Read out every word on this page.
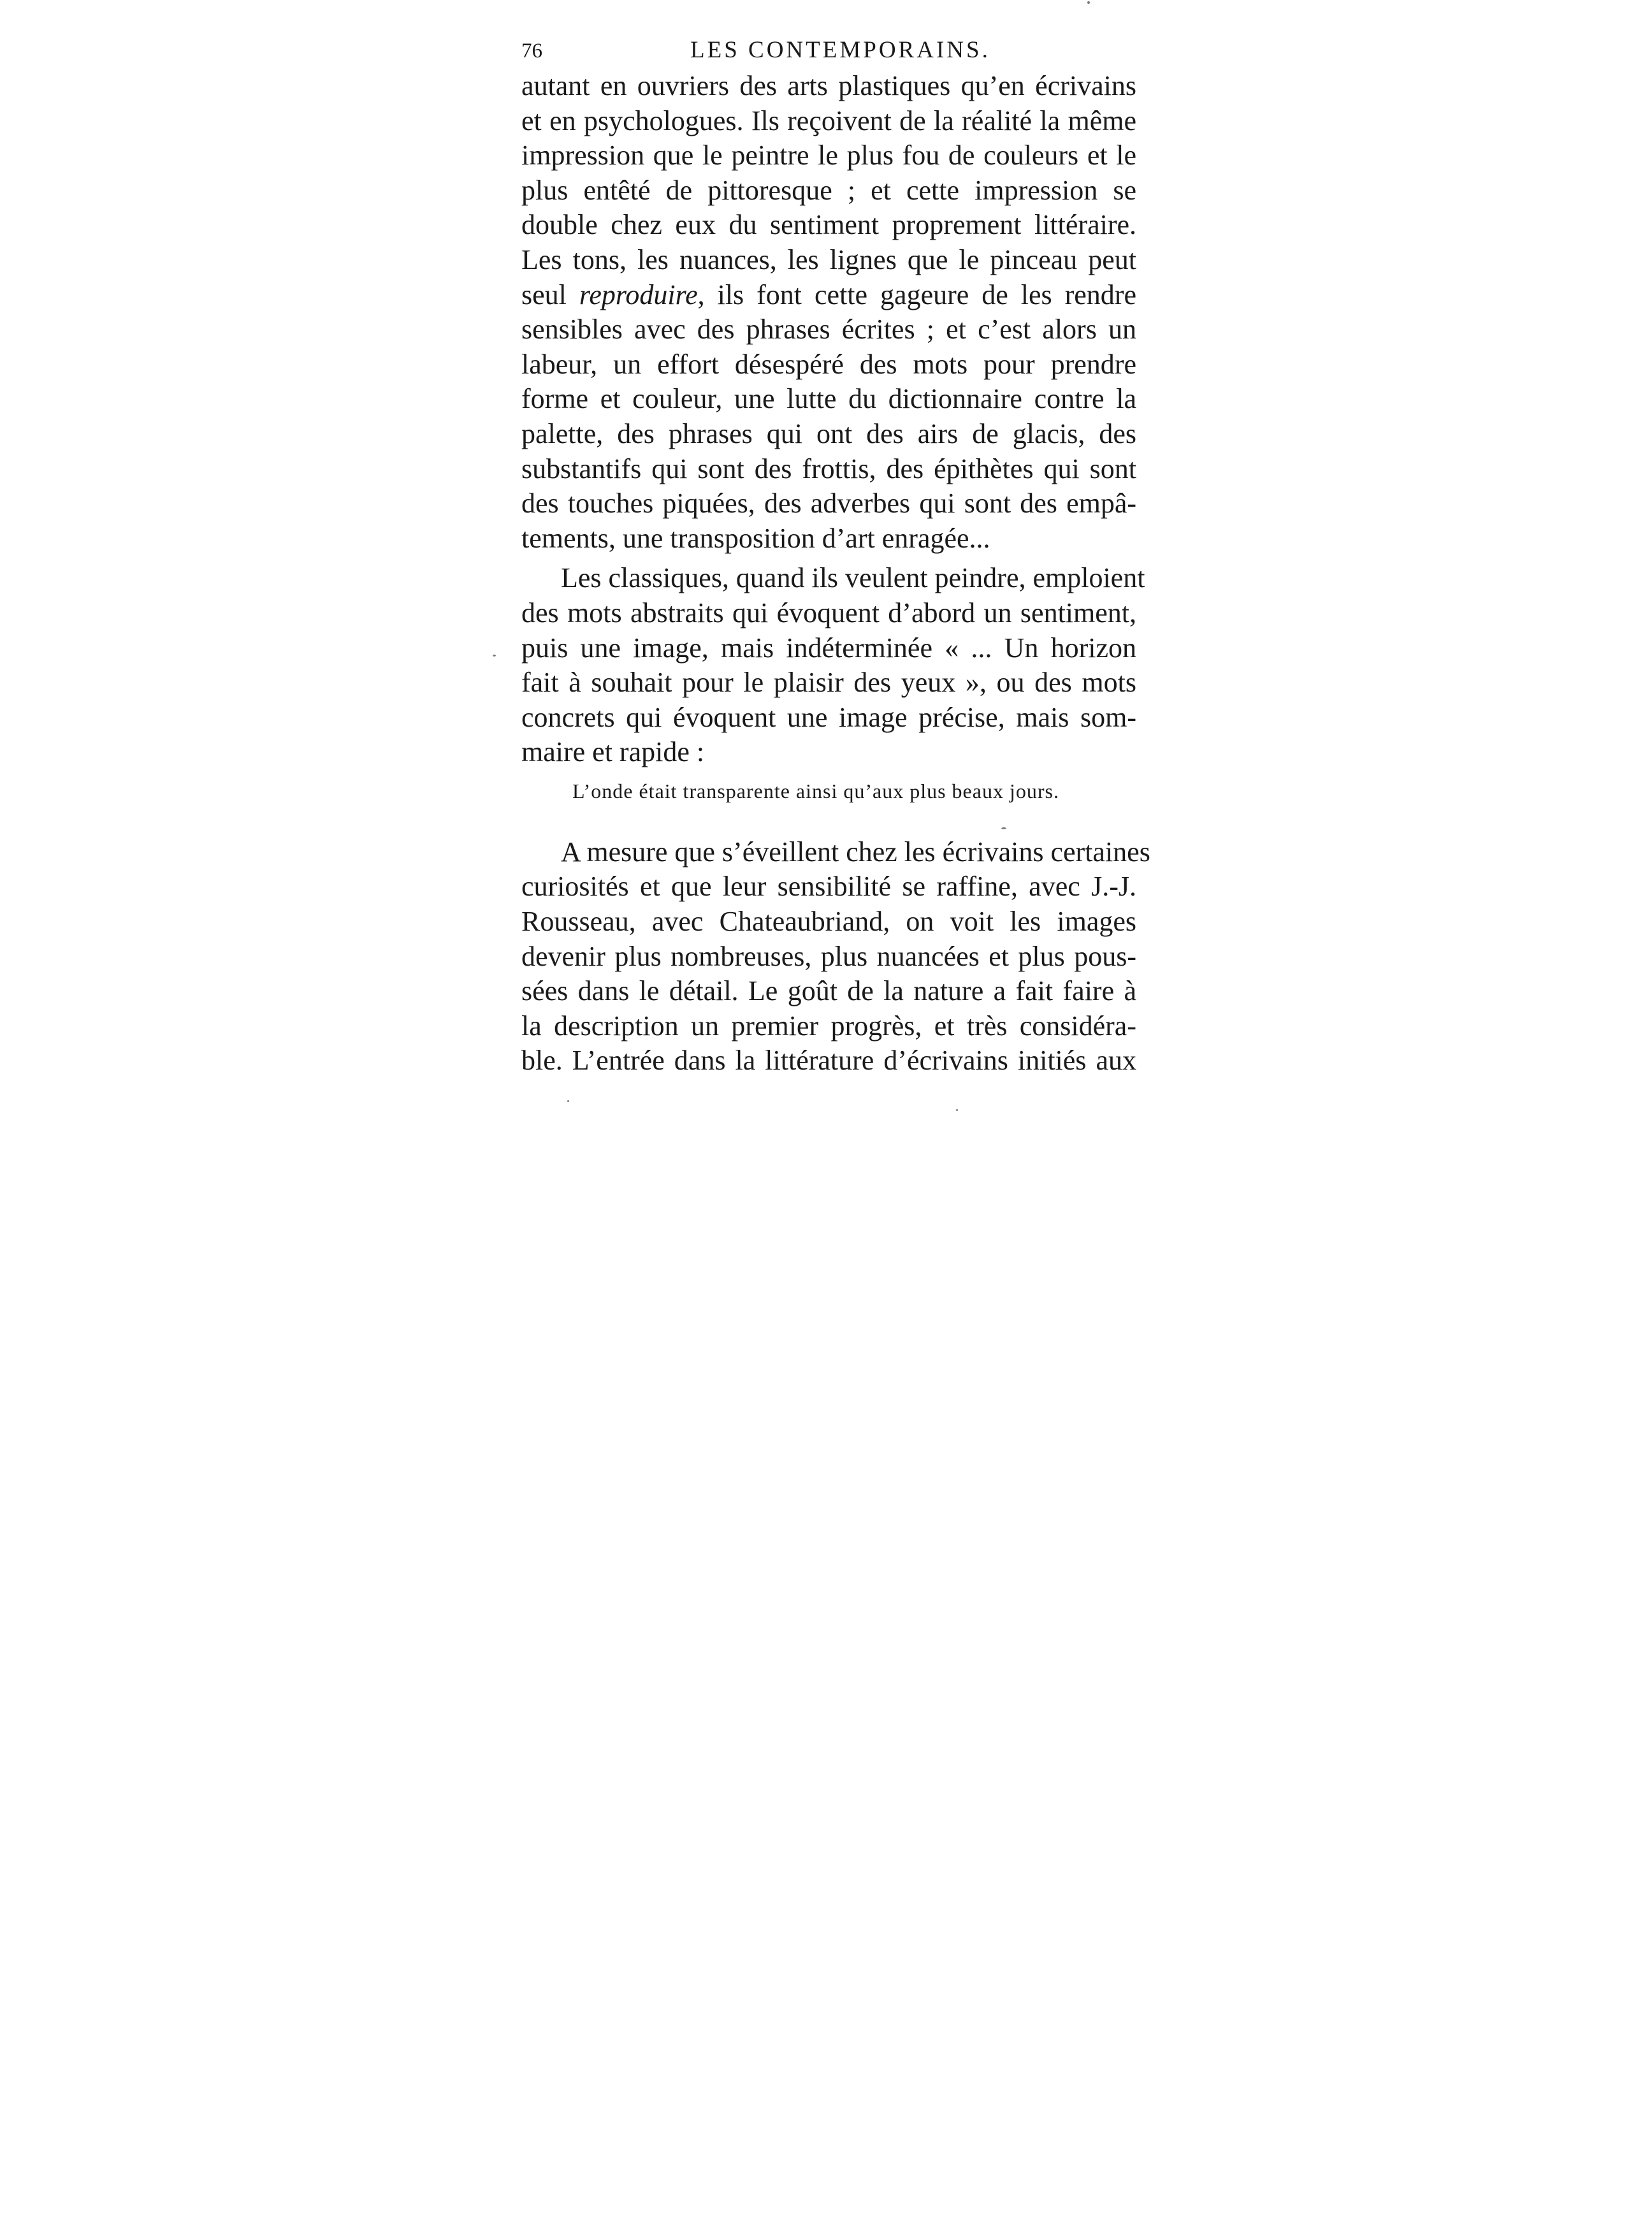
76	LES CONTEMPORAINS.

autant en ouvriers des arts plastiques qu’en écrivains
et en psychologues. Ils reçoivent de la réalité la même
impression que le peintre le plus fou de couleurs et le
plus entêté de pittoresque ; et cette impression se
double chez eux du sentiment proprement littéraire.
Les tons, les nuances, les lignes que le pinceau peut
seul reproduire, ils font cette gageure de les rendre
sensibles avec des phrases écrites ; et c’est alors un
labeur, un effort désespéré des mots pour prendre
forme et couleur, une lutte du dictionnaire contre la
palette, des phrases qui ont des airs de glacis, des
substantifs qui sont des frottis, des épithètes qui sont
des touches piquées, des adverbes qui sont des empâ-
tements, une transposition d’art enragée...

Les classiques, quand ils veulent peindre, emploient
des mots abstraits qui évoquent d’abord un sentiment,
puis une image, mais indéterminée « ... Un horizon
fait à souhait pour le plaisir des yeux », ou des mots
concrets qui évoquent une image précise, mais som-
maire et rapide :

L’onde était transparente ainsi qu’aux plus beaux jours.

A mesure que s’éveillent chez les écrivains certaines
curiosités et que leur sensibilité se raffine, avec J.-J.
Rousseau, avec Chateaubriand, on voit les images
devenir plus nombreuses, plus nuancées et plus pous-
sées dans le détail. Le goût de la nature a fait faire à
la description un premier progrès, et très considéra-
ble. L’entrée dans la littérature d’écrivains initiés aux
